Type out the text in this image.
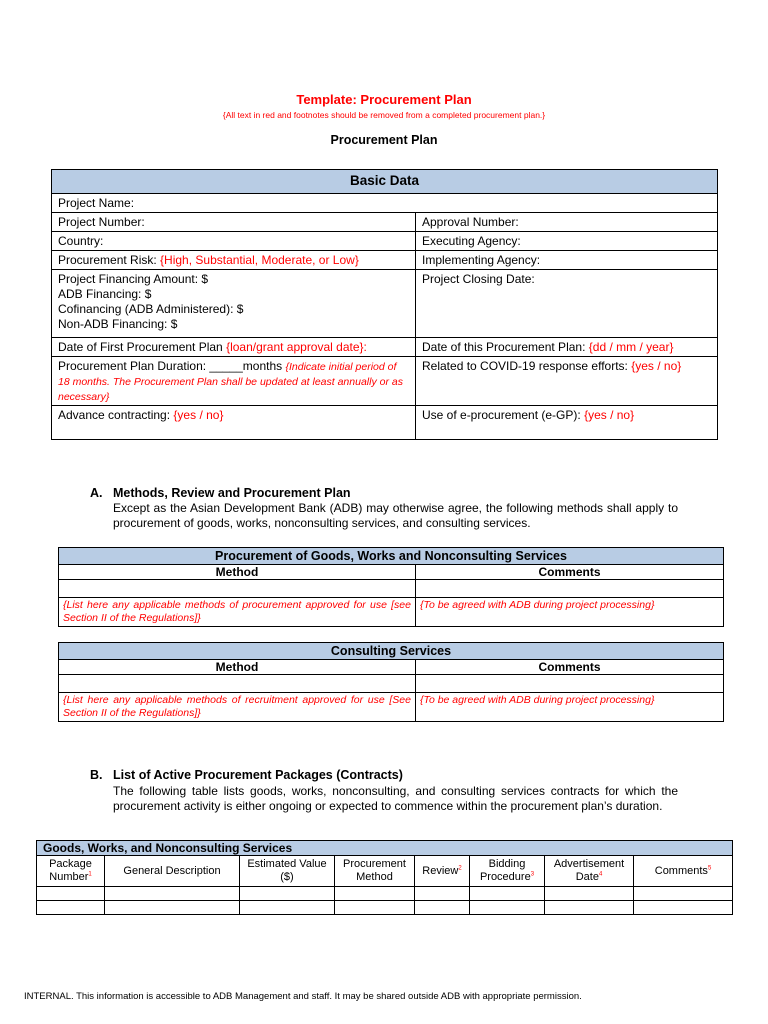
Template: Procurement Plan
{All text in red and footnotes should be removed from a completed procurement plan.}
Procurement Plan
Basic Data	
Project Name:	
Project Number:	Approval Number:
Country:	Executing Agency:
Procurement Risk: {High, Substantial, Moderate, or Low}	Implementing Agency:

Project Financing Amount: $
ADB Financing: $
Cofinancing (ADB Administered): $
Non-ADB Financing: $	Project Closing Date:
Date of First Procurement Plan {loan/grant approval date}:	Date of this Procurement Plan: {dd / mm / year}
Procurement Plan Duration: _____months {Indicate initial period of 18 months. The Procurement Plan shall be updated at least annually or as necessary}	Related to COVID-19 response efforts: {yes / no}
Advance contracting: {yes / no}	Use of e-procurement (e-GP): {yes / no}
A. Methods, Review and Procurement Plan
Except as the Asian Development Bank (ADB) may otherwise agree, the following methods shall apply to procurement of goods, works, nonconsulting services, and consulting services.
Procurement of Goods, Works and Nonconsulting Services	
Method	Comments

{List here any applicable methods of procurement approved for use [see Section II of the Regulations]}	{To be agreed with ADB during project processing}
Consulting Services	
Method	Comments

{List here any applicable methods of recruitment approved for use [See Section II of the Regulations]}	{To be agreed with ADB during project processing}
B. List of Active Procurement Packages (Contracts)
The following table lists goods, works, nonconsulting, and consulting services contracts for which the procurement activity is either ongoing or expected to commence within the procurement plan’s duration.
Goods, Works, and Nonconsulting Services							
Package Number$^1$	General Description	Estimated Value ($)	Procurement Method	Review$^2$	Bidding Procedure$^3$	Advertisement Date$^4$	Comments$^5$

INTERNAL. This information is accessible to ADB Management and staff. It may be shared outside ADB with appropriate permission.
